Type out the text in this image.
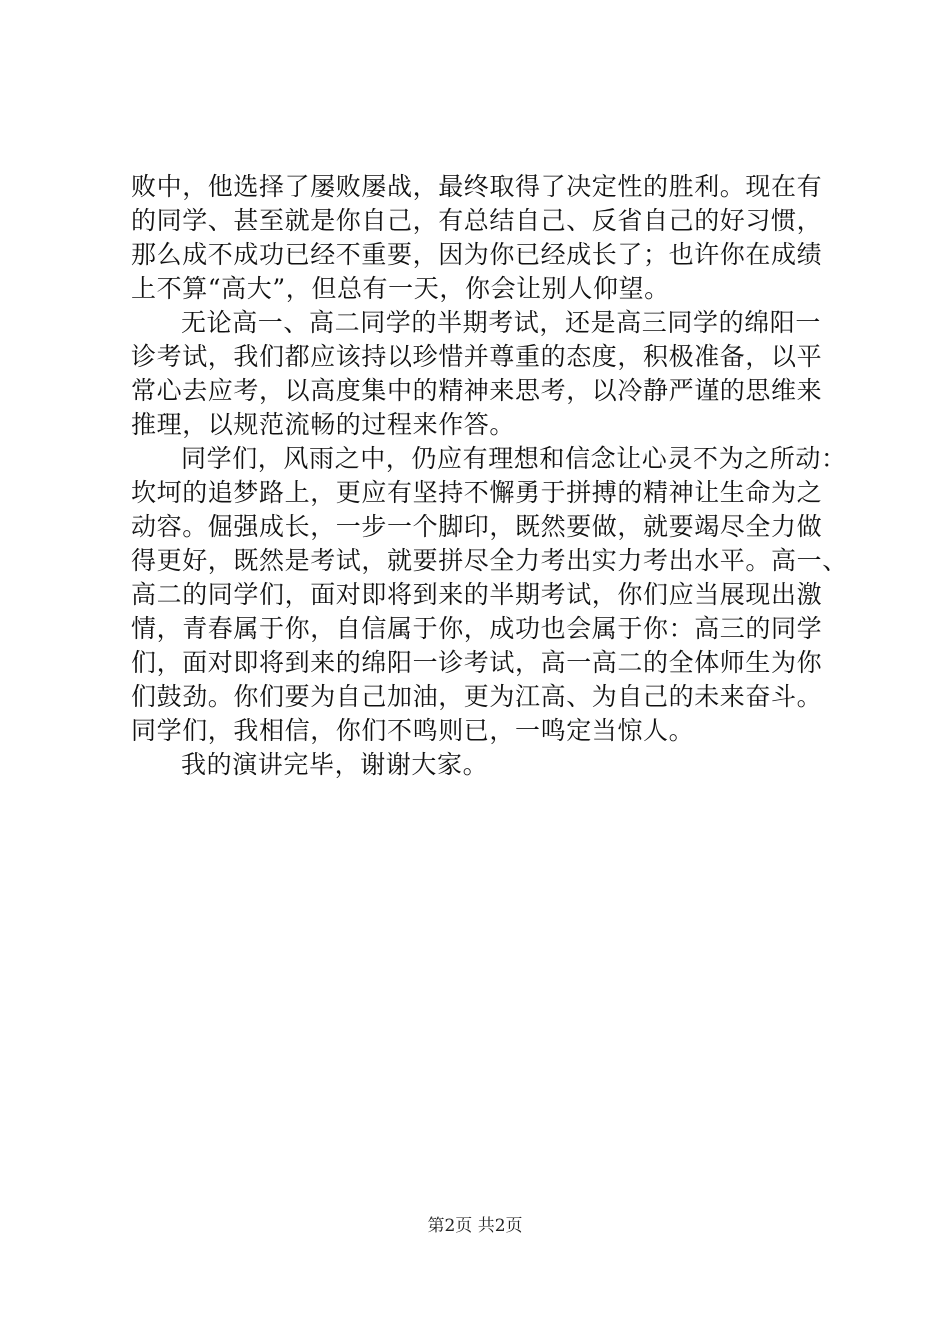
败中，他选择了屡败屡战，最终取得了决定性的胜利。现在有
的同学、甚至就是你自己，有总结自己、反省自己的好习惯，
那么成不成功已经不重要，因为你已经成长了；也许你在成绩
上不算“高大”，但总有一天，你会让别人仰望。
无论高一、高二同学的半期考试，还是高三同学的绵阳一
诊考试，我们都应该持以珍惜并尊重的态度，积极准备，以平
常心去应考，以高度集中的精神来思考，以冷静严谨的思维来
推理，以规范流畅的过程来作答。
同学们，风雨之中，仍应有理想和信念让心灵不为之所动：
坎坷的追梦路上，更应有坚持不懈勇于拼搏的精神让生命为之
动容。倔强成长，一步一个脚印，既然要做，就要竭尽全力做
得更好，既然是考试，就要拼尽全力考出实力考出水平。高一、
高二的同学们，面对即将到来的半期考试，你们应当展现出激
情，青春属于你，自信属于你，成功也会属于你：高三的同学
们，面对即将到来的绵阳一诊考试，高一高二的全体师生为你
们鼓劲。你们要为自己加油，更为江高、为自己的未来奋斗。
同学们，我相信，你们不鸣则已，一鸣定当惊人。
我的演讲完毕，谢谢大家。
第2页 共2页
